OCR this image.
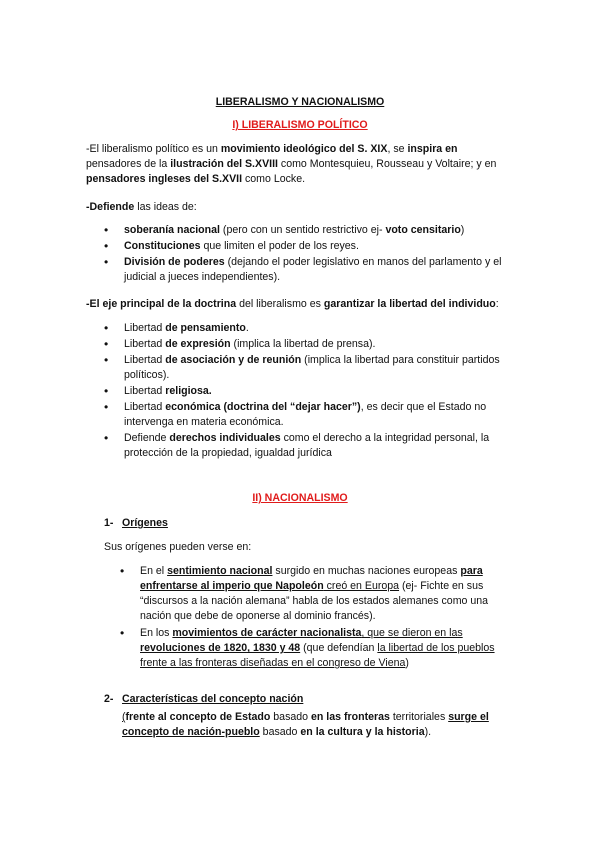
LIBERALISMO Y NACIONALISMO
I) LIBERALISMO POLÍTICO
-El liberalismo político es un movimiento ideológico del S. XIX, se inspira en
pensadores de la ilustración del S.XVIII como Montesquieu, Rousseau y Voltaire; y en
pensadores ingleses del S.XVII como Locke.
-Defiende las ideas de:
• soberanía nacional (pero con un sentido restrictivo ej- voto censitario)
• Constituciones que limiten el poder de los reyes.
• División de poderes (dejando el poder legislativo en manos del parlamento y el judicial a jueces independientes).
-El eje principal de la doctrina del liberalismo es garantizar la libertad del individuo:
• Libertad de pensamiento.
• Libertad de expresión (implica la libertad de prensa).
• Libertad de asociación y de reunión (implica la libertad para constituir partidos políticos).
• Libertad religiosa.
• Libertad económica (doctrina del “dejar hacer”), es decir que el Estado no intervenga en materia económica.
• Defiende derechos individuales como el derecho a la integridad personal, la protección de la propiedad, igualdad jurídica
II) NACIONALISMO
1- Orígenes
Sus orígenes pueden verse en:
• En el sentimiento nacional surgido en muchas naciones europeas para enfrentarse al imperio que Napoleón creó en Europa (ej- Fichte en sus “discursos a la nación alemana” habla de los estados alemanes como una nación que debe de oponerse al dominio francés).
• En los movimientos de carácter nacionalista, que se dieron en las revoluciones de 1820, 1830 y 48 (que defendían la libertad de los pueblos frente a las fronteras diseñadas en el congreso de Viena)
2- Características del concepto nación
(frente al concepto de Estado basado en las fronteras territoriales surge el concepto de nación-pueblo basado en la cultura y la historia).
